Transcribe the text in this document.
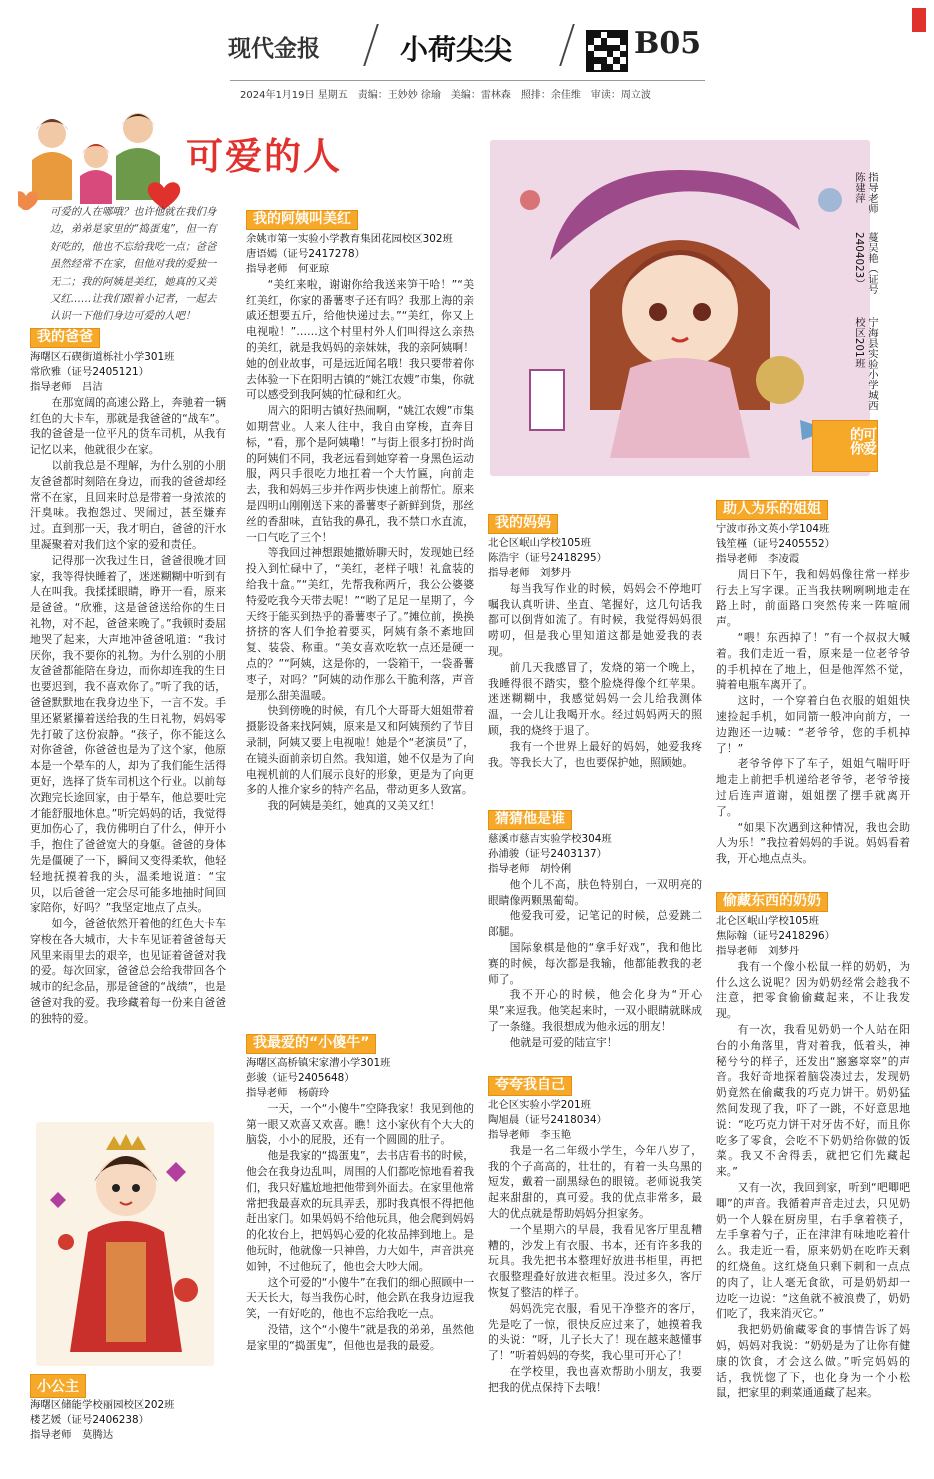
现代金报	小荷尖尖	B05
2024年1月19日 星期五　责编：王妙妙 徐瑜　美编：雷林森　照排：余佳维　审读：周立波
可爱的人
可爱的人在哪哦？也许他就在我们身边，弟弟是家里的“捣蛋鬼”，但一有好吃的，他也不忘给我吃一点；爸爸虽然经常不在家，但他对我的爱独一无二；我的阿姨是美红，她真的又美又红……让我们跟着小记者，一起去认识一下他们身边可爱的人吧！
我的爸爸
海曙区石碶街道栎社小学301班
常欣雅（证号2405121）
指导老师　吕洁

在那宽阔的高速公路上，奔驰着一辆红色的大卡车，那就是我爸爸的“战车”。我的爸爸是一位平凡的货车司机，从我有记忆以来，他就很少在家。

以前我总是不理解，为什么别的小朋友爸爸都时刻陪在身边，而我的爸爸却经常不在家，且回来时总是带着一身浓浓的汗臭味。我抱怨过、哭闹过，甚至嫌弃过。直到那一天，我才明白，爸爸的汗水里凝聚着对我们这个家的爱和责任。

记得那一次我过生日，爸爸很晚才回家，我等得快睡着了，迷迷糊糊中听到有人在叫我。我揉揉眼睛，睁开一看，原来是爸爸。“欣雅，这是爸爸送给你的生日礼物，对不起，爸爸来晚了。”我顿时委屈地哭了起来，大声地冲爸爸吼道：“我讨厌你，我不要你的礼物。为什么别的小朋友爸爸都能陪在身边，而你却连我的生日也要迟到，我不喜欢你了。”听了我的话，爸爸默默地在我身边坐下，一言不发。手里还紧紧攥着送给我的生日礼物，妈妈零先打破了这份寂静。“孩子，你不能这么对你爸爸，你爸爸也是为了这个家，他原本是一个晕车的人，却为了我们能生活得更好，选择了货车司机这个行业。以前每次跑完长途回家，由于晕车，他总要吐完才能舒服地休息。”听完妈妈的话，我觉得更加伤心了，我仿佛明白了什么，伸开小手，抱住了爸爸宽大的身躯。爸爸的身体先是僵硬了一下，瞬间又变得柔软，他轻轻地抚摸着我的头，温柔地说道：“宝贝，以后爸爸一定会尽可能多地抽时间回家陪你，好吗？”我坚定地点了点头。

如今，爸爸依然开着他的红色大卡车穿梭在各大城市，大卡车见证着爸爸每天风里来雨里去的艰辛，也见证着爸爸对我的爱。每次回家，爸爸总会给我带回各个城市的纪念品，那是爸爸的“战绩”，也是爸爸对我的爱。我珍藏着每一份来自爸爸的独特的爱。

小公主
海曙区储能学校丽园校区202班
楼艺媛（证号2406238）
指导老师　莫腾达
我的阿姨叫美红
余姚市第一实验小学教育集团花园校区302班
唐语嫣（证号2417278）
指导老师　何亚琼

“美红来啦，谢谢你给我送来笋干哈！”“美红美红，你家的番薯枣子还有吗？我那上海的亲戚还想要五斤，给他快递过去。”“美红，你又上电视啦！”……这个村里村外人们叫得这么亲热的美红，就是我妈妈的亲妹妹，我的亲阿姨啊！她的创业故事，可是远近闻名哦！我只要带着你去体验一下在阳明古镇的“姚江农嫂”市集，你就可以感受到我阿姨的忙碌和红火。

周六的阳明古镇好热闹啊，“姚江农嫂”市集如期营业。人来人往中，我自由穿梭，直奔目标，“看，那个是阿姨嘞！”与街上很多打扮时尚的阿姨们不同，我老远看到她穿着一身黑色运动服，两只手很吃力地扛着一个大竹匾，向前走去，我和妈妈三步并作两步快速上前帮忙。原来是四明山刚刚送下来的番薯枣子新鲜到货，那丝丝的香甜味，直钻我的鼻孔，我不禁口水直流，一口气吃了三个！

等我回过神想跟她撒娇聊天时，发现她已经投入到忙碌中了，“美红，老样子哦！礼盒装的给我十盒。”“美红，先帮我称两斤，我公公婆婆特爱吃我今天带去呢！”“哟了足足一星期了，今天终于能买到热乎的番薯枣子了。”摊位前，换换挤挤的客人们争抢着要买，阿姨有条不紊地回复、装袋、称重。“美女喜欢吃软一点还是硬一点的？”“阿姨，这是你的，一袋箱干，一袋番薯枣子，对吗？”阿姨的动作那么干脆利落，声音是那么甜美温暖。

快到傍晚的时候，有几个大哥哥大姐姐带着摄影设备来找阿姨，原来是又和阿姨预约了节目录制，阿姨又要上电视啦！她是个“老演员”了，在镜头面前亲切自然。我知道，她不仅是为了向电视机前的人们展示良好的形象，更是为了向更多的人推介家乡的特产名品，带动更多人致富。

我的阿姨是美红，她真的又美又红！

我最爱的“小傻牛”
海曙区高桥镇宋家漕小学301班
彭骏（证号2405648）
指导老师　杨蔚玲

一天，一个“小傻牛”空降我家！我见到他的第一眼又欢喜又欢喜。瞧！这小家伙有个大大的脑袋，小小的屁股，还有一个圆圆的肚子。

他是我家的“捣蛋鬼”，去书店看书的时候，他会在我身边乱叫，周围的人们都吃惊地看着我们，我只好尴尬地把他带到外面去。在家里他常常把我最喜欢的玩具弄丢，那时我真恨不得把他赶出家门。如果妈妈不给他玩具，他会爬到妈妈的化妆台上，把妈妈心爱的化妆品摔到地上。是他玩时，他就像一只神兽，力大如牛，声音洪亮如钟，不过他玩了，他也会大吵大闹。

这个可爱的“小傻牛”在我们的细心照顾中一天天长大，每当我伤心时，他会趴在我身边逗我笑，一有好吃的，他也不忘给我吃一点。

没错，这个“小傻牛”就是我的弟弟，虽然他是家里的“捣蛋鬼”，但他也是我的最爱。

可爱的你
宁海县实验小学城西校区201班
蔓吴艳（证号2404023）
指导老师　陈建萍
我的妈妈
北仑区岷山学校105班
陈浩宇（证号2418295）
指导老师　刘梦丹

每当我写作业的时候，妈妈会不停地叮嘱我认真听讲、坐直、笔握好，这几句话我都可以倒背如流了。有时候，我觉得妈妈很唠叨，但是我心里知道这都是她爱我的表现。

前几天我感冒了，发烧的第一个晚上，我睡得很不踏实，整个脸烧得像个红苹果。迷迷糊糊中，我感觉妈妈一会儿给我测体温，一会儿让我喝开水。经过妈妈两天的照顾，我的烧终于退了。

我有一个世界上最好的妈妈，她爱我疼我。等我长大了，也也要保护她，照顾她。

猜猜他是谁
慈溪市慈吉实验学校304班
孙浦骏（证号2403137）
指导老师　胡怜俐

他个儿不高，肤色特别白，一双明亮的眼睛像两颗黑葡萄。

他爱我可爱，记笔记的时候，总爱跳二郎腿。

国际象棋是他的“拿手好戏”，我和他比赛的时候，每次都是我输，他都能教我的老师了。

我不开心的时候，他会化身为“开心果”来逗我。他笑起来时，一双小眼睛就眯成了一条缝。我很想成为他永远的朋友！

他就是可爱的陆宣宇！

夸夸我自己
北仑区实验小学201班
陶旭晨（证号2418034）
指导老师　李玉艳

我是一名二年级小学生，今年八岁了，我的个子高高的，壮壮的，有着一头乌黑的短发，戴着一副黑绿色的眼镜。老师说我笑起来甜甜的，真可爱。我的优点非常多，最大的优点就是帮助妈妈分担家务。

一个星期六的早晨，我看见客厅里乱糟糟的，沙发上有衣服、书本，还有许多我的玩具。我先把书本整理好放进书柜里，再把衣服整理叠好放进衣柜里。没过多久，客厅恢复了整洁的样子。

妈妈洗完衣服，看见干净整齐的客厅，先是吃了一惊，很快反应过来了，她摸着我的头说：“呀，儿子长大了！现在越来越懂事了！”听着妈妈的夸奖，我心里可开心了！

在学校里，我也喜欢帮助小朋友，我要把我的优点保持下去哦！

助人为乐的姐姐
宁波市孙文英小学104班
钱笙槿（证号2405552）
指导老师　李凌霞

周日下午，我和妈妈像往常一样步行去上写字课。正当我扶咧咧咧地走在路上时，前面路口突然传来一阵喧闹声。

“喂！东西掉了！”有一个叔叔大喊着。我们走近一看，原来是一位老爷爷的手机掉在了地上，但是他浑然不觉，骑着电瓶车离开了。

这时，一个穿着白色衣服的姐姐快速捡起手机，如同箭一般冲向前方，一边跑还一边喊：“老爷爷，您的手机掉了！”

老爷爷停下了车子，姐姐气喘吁吁地走上前把手机递给老爷爷，老爷爷接过后连声道谢，姐姐摆了摆手就离开了。

“如果下次遇到这种情况，我也会助人为乐！”我拉着妈妈的手说。妈妈看着我，开心地点点头。

偷藏东西的奶奶
北仑区岷山学校105班
焦际翰（证号2418296）
指导老师　刘梦丹

我有一个像小松鼠一样的奶奶，为什么这么说呢？因为奶奶经常会趁我不注意，把零食偷偷藏起来，不让我发现。

有一次，我看见奶奶一个人站在阳台的小角落里，背对着我，低着头，神秘兮兮的样子，还发出“窸窸窣窣”的声音。我好奇地探着脑袋凑过去，发现奶奶竟然在偷藏我的巧克力饼干。奶奶猛然间发现了我，吓了一跳，不好意思地说：“吃巧克力饼干对牙齿不好，而且你吃多了零食，会吃不下奶奶给你做的饭菜。我又不舍得丢，就把它们先藏起来。”

又有一次，我回到家，听到“吧唧吧唧”的声音。我循着声音走过去，只见奶奶一个人躲在厨房里，右手拿着筷子，左手拿着勺子，正在津津有味地吃着什么。我走近一看，原来奶奶在吃昨天剩的红烧鱼。这红烧鱼只剩下刺和一点点的肉了，让人毫无食欲，可是奶奶却一边吃一边说：“这鱼就不被浪费了，奶奶们吃了，我来消灭它。”

我把奶奶偷藏零食的事情告诉了妈妈，妈妈对我说：“奶奶是为了让你有健康的饮食，才会这么做。”听完妈妈的话，我恍惚了下，也化身为一个小松鼠，把家里的剩菜通通藏了起来。
